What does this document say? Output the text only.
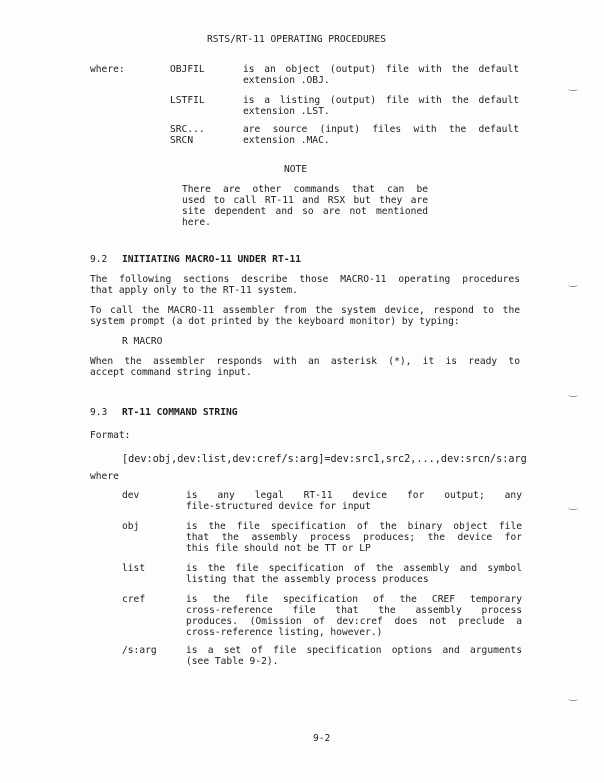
RSTS/RT-11 OPERATING PROCEDURES
where:	OBJFIL	is an object (output) file with the default
extension .OBJ.
LSTFIL	is a listing (output) file with the default
extension .LST.
SRC...
SRCN
are source (input) files with the default
extension .MAC.
NOTE
There are other commands that can be
used to call RT-11 and RSX but they are
site dependent and so are not mentioned
here.
9.2 INITIATING MACRO-11 UNDER RT-11
The following sections describe those MACRO-11 operating procedures
that apply only to the RT-11 system.
To call the MACRO-11 assembler from the system device, respond to the
system prompt (a dot printed by the keyboard monitor) by typing:
R MACRO
When the assembler responds with an asterisk (*), it is ready to
accept command string input.
9.3 RT-11 COMMAND STRING
Format:
[dev:obj,dev:list,dev:cref/s:arg]=dev:src1,src2,...,dev:srcn/s:arg
where
dev	is any legal RT-11 device for output; any
file-structured device for input
obj	is the file specification of the binary object file
that the assembly process produces; the device for
this file should not be TT or LP
list	is the file specification of the assembly and symbol
listing that the assembly process produces
cref	is the file specification of the CREF temporary
cross-reference file that the assembly process
produces. (Omission of dev:cref does not preclude a
cross-reference listing, however.)
/s:arg	is a set of file specification options and arguments
(see Table 9-2).
9-2
